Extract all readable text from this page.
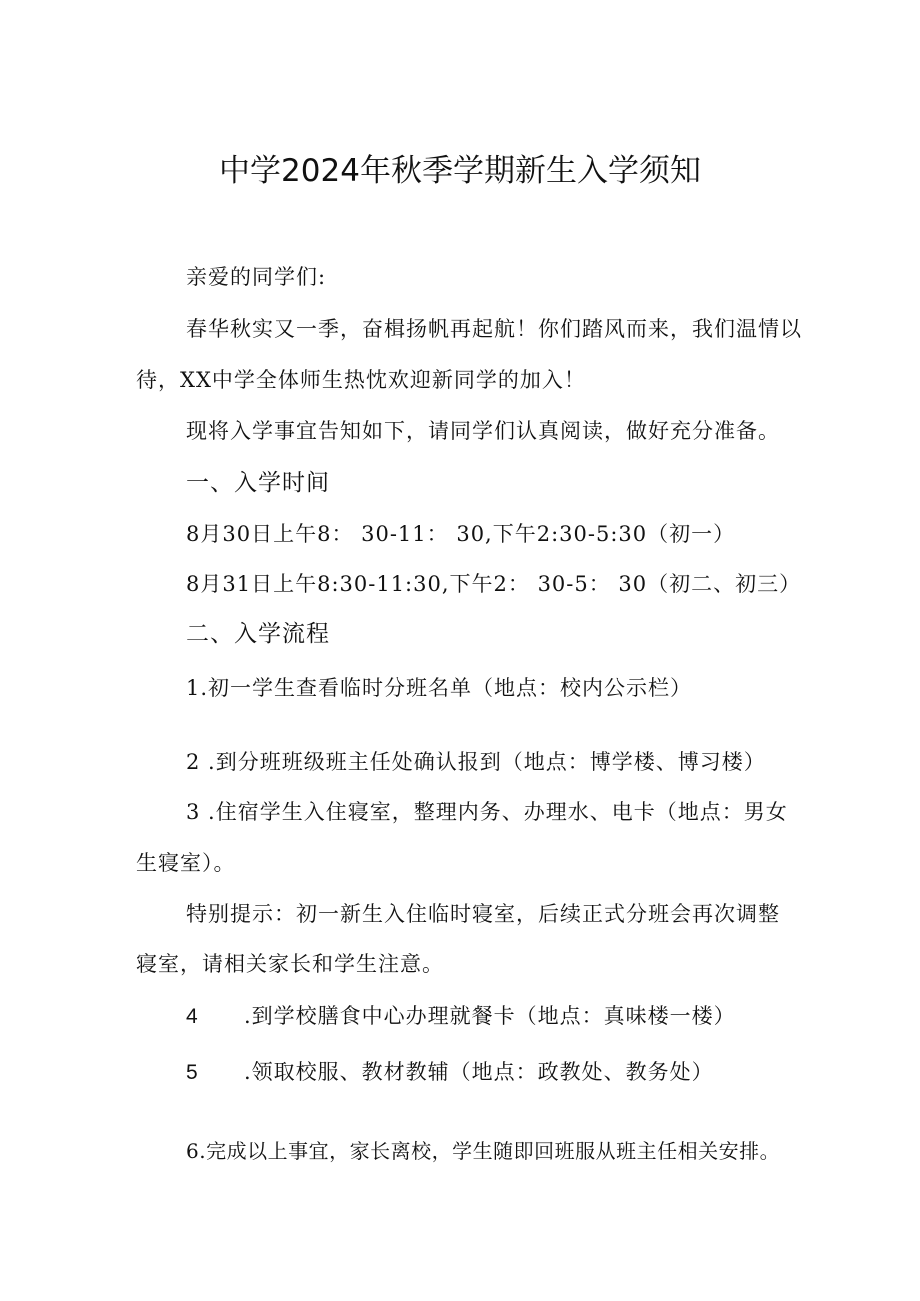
中学2024年秋季学期新生入学须知
亲爱的同学们:
春华秋实又一季，奋楫扬帆再起航！你们踏风而来，我们温情以
待，XX中学全体师生热忱欢迎新同学的加入！
现将入学事宜告知如下，请同学们认真阅读，做好充分准备。
一、入学时间
8月30日上午8： 30-11： 30,下午2:30-5:30（初一）
8月31日上午8:30-11:30,下午2： 30-5： 30（初二、初三）
二、入学流程
1.初一学生查看临时分班名单（地点：校内公示栏）
2 .到分班班级班主任处确认报到（地点：博学楼、博习楼）
3 .住宿学生入住寝室，整理内务、办理水、电卡（地点：男女
生寝室）。
特别提示：初一新生入住临时寝室，后续正式分班会再次调整
寝室，请相关家长和学生注意。
4 .到学校膳食中心办理就餐卡（地点：真味楼一楼）
5 .领取校服、教材教辅（地点：政教处、教务处）
6.完成以上事宜，家长离校，学生随即回班服从班主任相关安排。
